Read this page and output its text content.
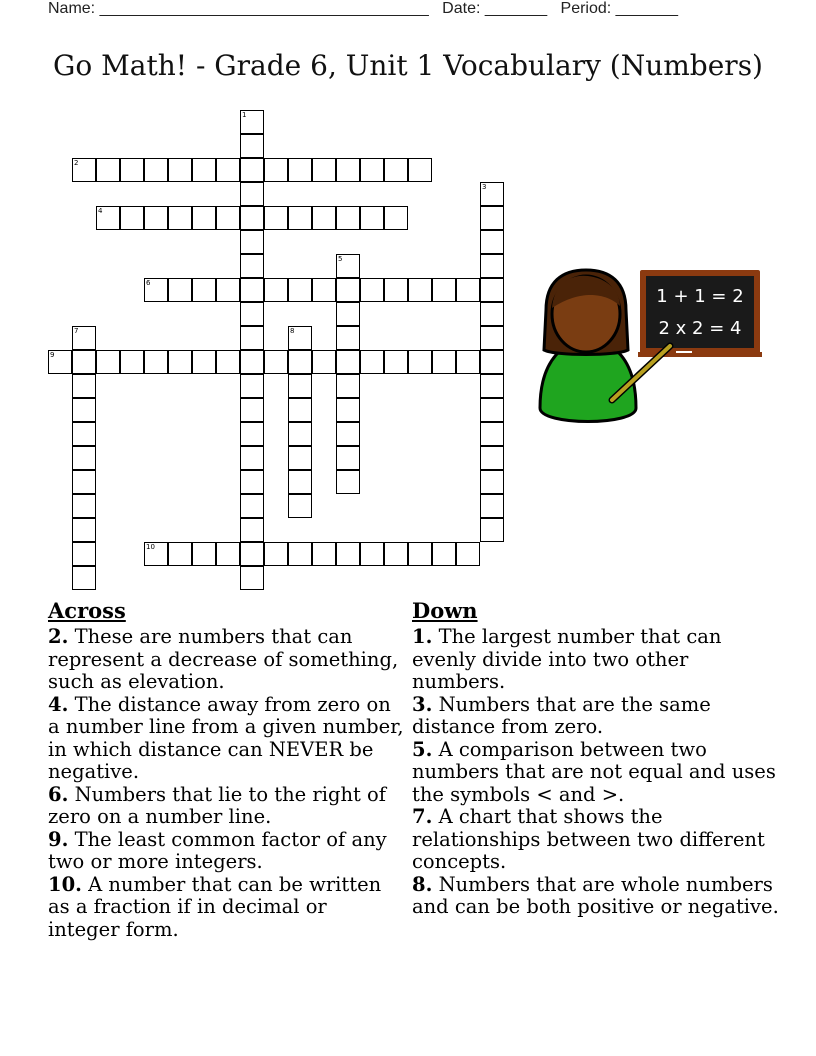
Name: _____________________________________ Date: _______ Period: _______
Go Math! - Grade 6, Unit 1 Vocabulary (Numbers)
1
2
3
4
5
6
7	8
9
10
1 + 1 = 2
2 x 2 = 4
Across
2. These are numbers that can represent a decrease of something, such as elevation.
4. The distance away from zero on a number line from a given number, in which distance can NEVER be negative.
6. Numbers that lie to the right of zero on a number line.
9. The least common factor of any two or more integers.
10. A number that can be written as a fraction if in decimal or integer form.
Down
1. The largest number that can evenly divide into two other numbers.
3. Numbers that are the same distance from zero.
5. A comparison between two numbers that are not equal and uses the symbols < and >.
7. A chart that shows the relationships between two different concepts.
8. Numbers that are whole numbers and can be both positive or negative.
